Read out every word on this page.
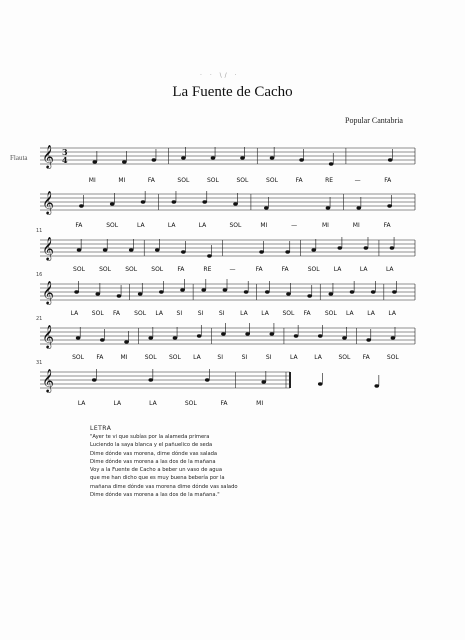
· · \/ ·
La Fuente de Cacho
Popular Cantabria
Flauta 𝄞 3
4
MI	MI	FA	SOL	SOL	SOL	SOL	FA	RE	—	FA
𝄞
FA	SOL	LA	LA	LA	SOL	MI	—	MI	MI	FA
𝄞
11
SOL SOL SOL SOL FA	RE	—	FA	FA	SOL LA	LA	LA
𝄞
16
LA SOL FA SOL LA SI	SI	SI	LA LA SOL FA SOL LA LA LA
𝄞
21
SOL FA	MI	SOL SOL LA	SI	SI	SI	LA	LA	SOL FA	SOL
𝄞
31
LA	LA	LA	SOL	FA	MI
LETRA
"Ayer te vi que subías por la alameda primera
Luciendo la saya blanca y el pañuelico de seda
Dime dónde vas morena, dime dónde vas salada
Dime dónde vas morena a las dos de la mañana
Voy a la Fuente de Cacho a beber un vaso de agua
que me han dicho que es muy buena bebería por la
mañana dime dónde vas morena dime dónde vas salado
Dime dónde vas morena a las dos de la mañana."
